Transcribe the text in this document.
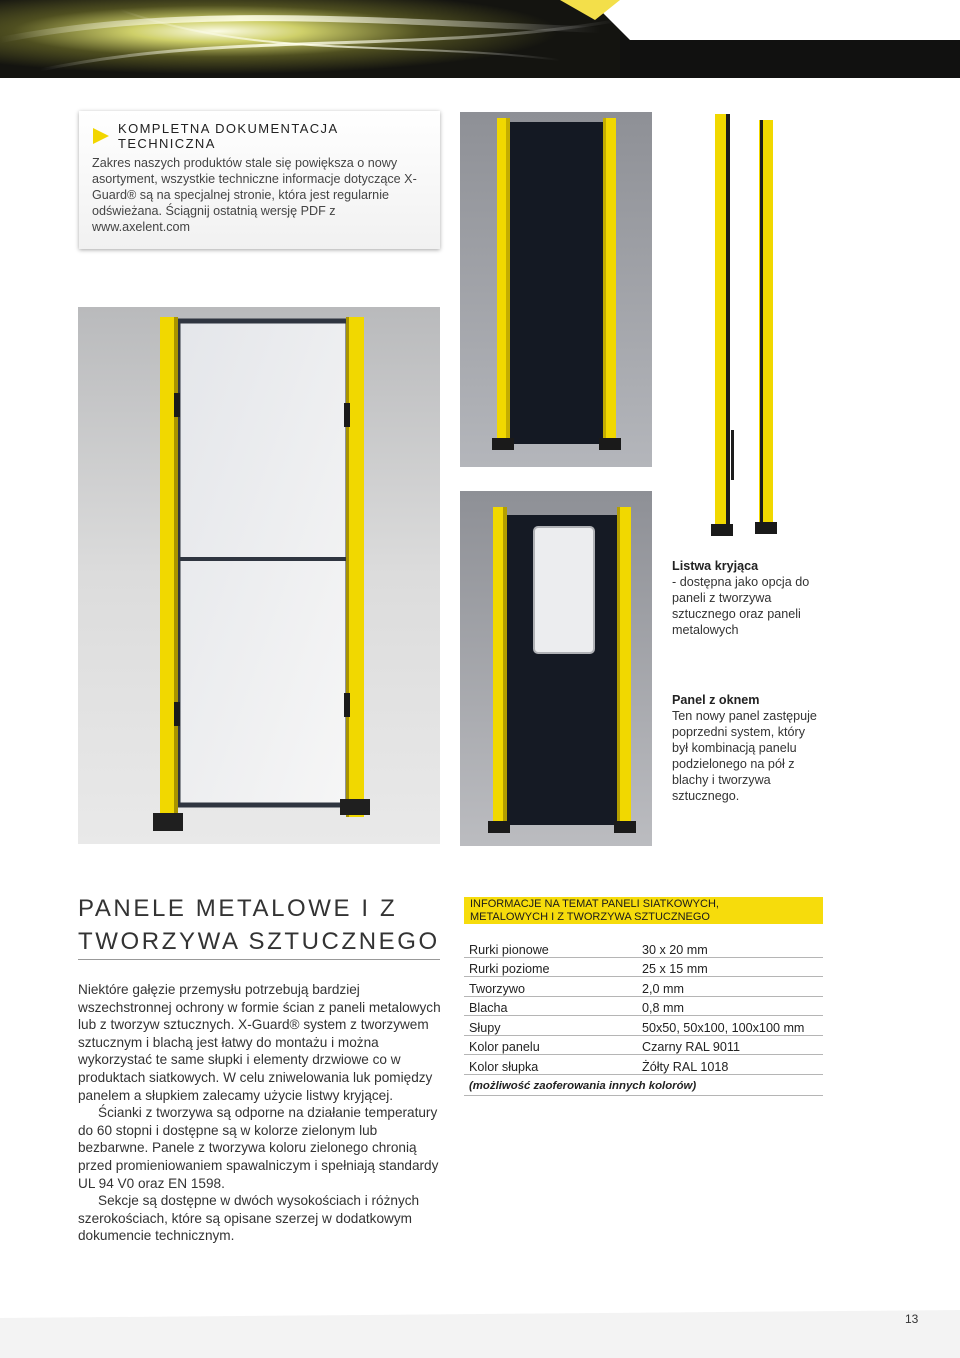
KOMPLETNA DOKUMENTACJA TECHNICZNA
Zakres naszych produktów stale się powiększa o nowy asortyment, wszystkie techniczne informacje dotyczące X-Guard® są na specjalnej stronie, która jest regularnie odświeżana. Ściągnij ostatnią wersję PDF z www.axelent.com
Listwa kryjąca
- dostępna jako opcja do paneli z tworzywa sztucznego oraz paneli metalowych
Panel z oknem
Ten nowy panel zastępuje poprzedni system, który był kombinacją panelu podzielonego na pół z blachy i tworzywa sztucznego.
PANELE METALOWE I Z TWORZYWA SZTUCZNEGO

Niektóre gałęzie przemysłu potrzebują bardziej wszechstronnej ochrony w formie ścian z paneli metalowych lub z tworzyw sztucznych. X-Guard® system z tworzywem sztucznym i blachą jest łatwy do montażu i można wykorzystać te same słupki i elementy drzwiowe co w produktach siatkowych. W celu zniwelowania luk pomiędzy panelem a słupkiem zalecamy użycie listwy kryjącej.

Ścianki z tworzywa są odporne na działanie temperatury do 60 stopni i dostępne są w kolorze zielonym lub bezbarwne. Panele z tworzywa koloru zielonego chronią przed promieniowaniem spawalniczym i spełniają standardy UL 94 V0 oraz EN 1598.

Sekcje są dostępne w dwóch wysokościach i różnych szerokościach, które są opisane szerzej w dodatkowym dokumencie technicznym.

INFORMACJE NA TEMAT PANELI SIATKOWYCH,
METALOWYCH I Z TWORZYWA SZTUCZNEGO
Rurki pionowe	30 x 20 mm
Rurki poziome	25 x 15 mm
Tworzywo	2,0 mm
Blacha	0,8 mm
Słupy	50x50, 50x100, 100x100 mm
Kolor panelu	Czarny RAL 9011
Kolor słupka	Żółty RAL 1018
(możliwość zaoferowania innych kolorów)
13
